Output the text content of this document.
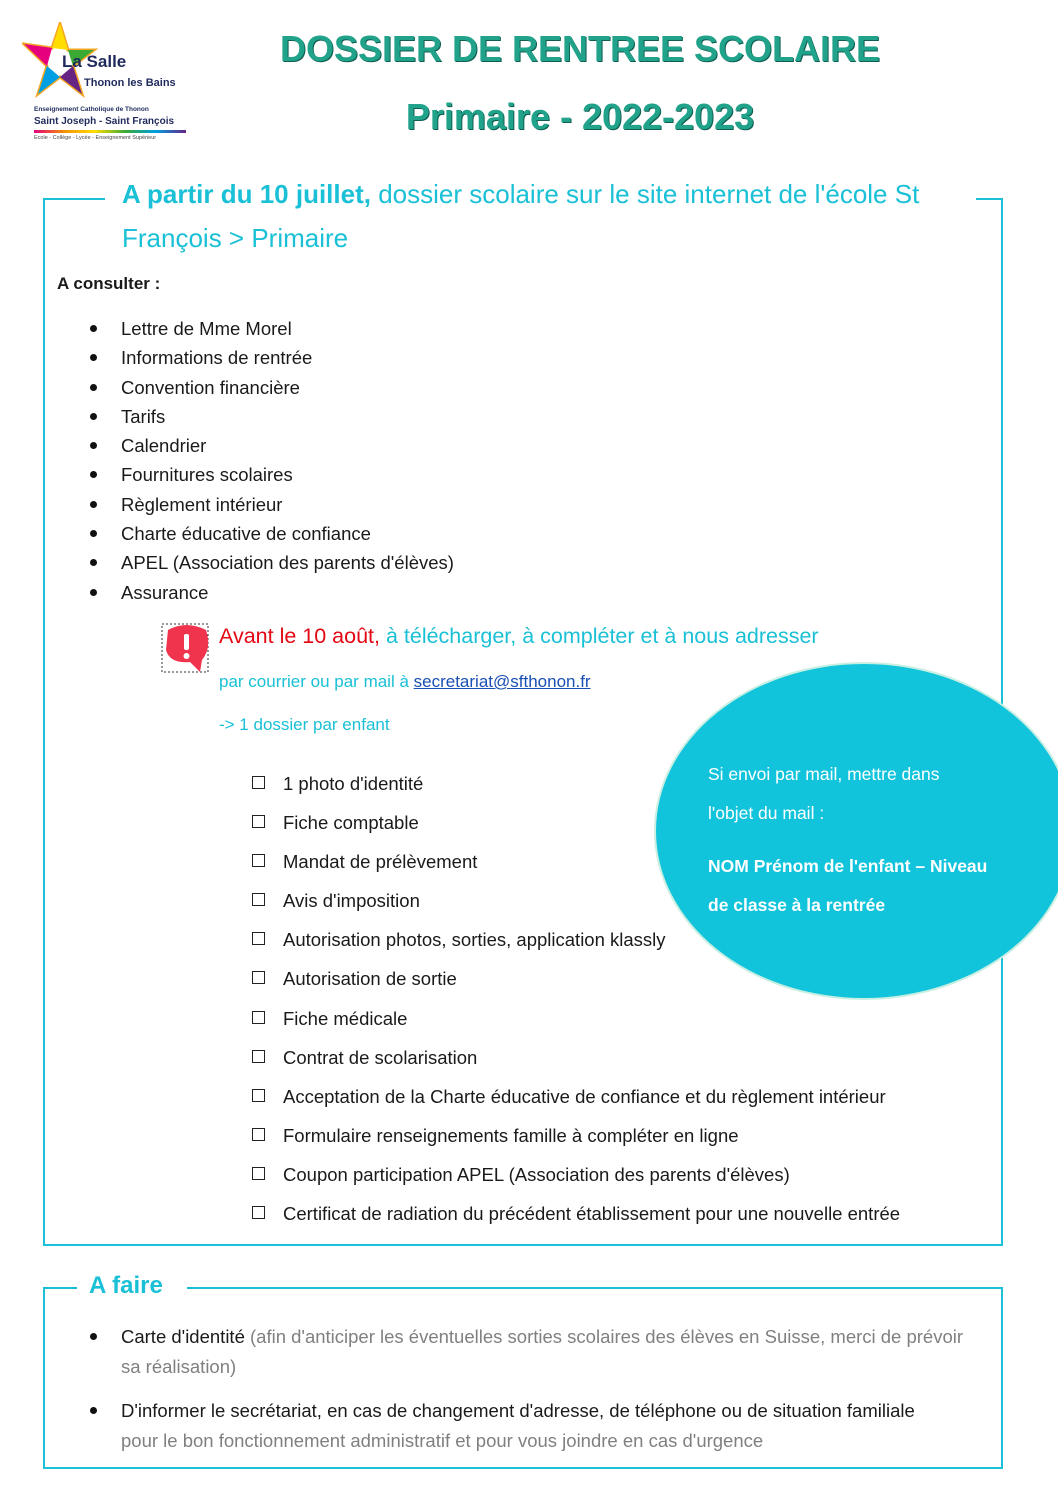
La Salle
Thonon les Bains
Enseignement Catholique de Thonon
Saint Joseph - Saint François
Ecole - Collège - Lycée - Enseignement Supérieur
DOSSIER DE RENTREE SCOLAIRE
Primaire - 2022-2023
A partir du 10 juillet, dossier scolaire sur le site internet de l'école St François > Primaire
A consulter :
Lettre de Mme Morel
Informations de rentrée
Convention financière
Tarifs
Calendrier
Fournitures scolaires
Règlement intérieur
Charte éducative de confiance
APEL (Association des parents d'élèves)
Assurance
Avant le 10 août, à télécharger, à compléter et à nous adresser
par courrier ou par mail à secretariat@sfthonon.fr
-> 1 dossier par enfant
1 photo d'identité
Fiche comptable
Mandat de prélèvement
Avis d'imposition
Autorisation photos, sorties, application klassly
Autorisation de sortie
Fiche médicale
Contrat de scolarisation
Acceptation de la Charte éducative de confiance et du règlement intérieur
Formulaire renseignements famille à compléter en ligne
Coupon participation APEL (Association des parents d'élèves)
Certificat de radiation du précédent établissement pour une nouvelle entrée
Si envoi par mail, mettre dans
l'objet du mail :
NOM Prénom de l'enfant – Niveau
de classe à la rentrée
A faire
Carte d'identité (afin d'anticiper les éventuelles sorties scolaires des élèves en Suisse, merci de prévoir sa réalisation)
D'informer le secrétariat, en cas de changement d'adresse, de téléphone ou de situation familiale
pour le bon fonctionnement administratif et pour vous joindre en cas d'urgence
